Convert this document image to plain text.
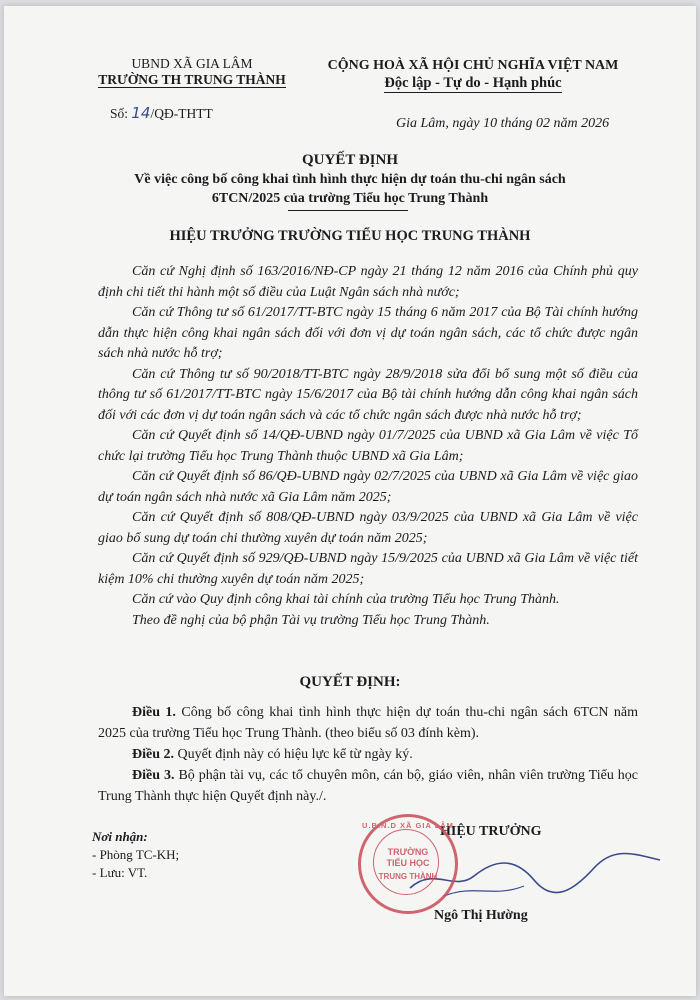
UBND XÃ GIA LÂM
TRƯỜNG TH TRUNG THÀNH
Số: 14/QĐ-THTT
CỘNG HOÀ XÃ HỘI CHỦ NGHĨA VIỆT NAM
Độc lập - Tự do - Hạnh phúc
Gia Lâm, ngày 10 tháng 02 năm 2026
QUYẾT ĐỊNH
Về việc công bố công khai tình hình thực hiện dự toán thu-chi ngân sách
6TCN/2025 của trường Tiểu học Trung Thành
HIỆU TRƯỞNG TRƯỜNG TIỂU HỌC TRUNG THÀNH
Căn cứ Nghị định số 163/2016/NĐ-CP ngày 21 tháng 12 năm 2016 của Chính phủ quy định chi tiết thi hành một số điều của Luật Ngân sách nhà nước;
Căn cứ Thông tư số 61/2017/TT-BTC ngày 15 tháng 6 năm 2017 của Bộ Tài chính hướng dẫn thực hiện công khai ngân sách đối với đơn vị dự toán ngân sách, các tổ chức được ngân sách nhà nước hỗ trợ;
Căn cứ Thông tư số 90/2018/TT-BTC ngày 28/9/2018 sửa đổi bổ sung một số điều của thông tư số 61/2017/TT-BTC ngày 15/6/2017 của Bộ tài chính hướng dẫn công khai ngân sách đối với các đơn vị dự toán ngân sách và các tổ chức ngân sách được nhà nước hỗ trợ;
Căn cứ Quyết định số 14/QĐ-UBND ngày 01/7/2025 của UBND xã Gia Lâm về việc Tổ chức lại trường Tiểu học Trung Thành thuộc UBND xã Gia Lâm;
Căn cứ Quyết định số 86/QĐ-UBND ngày 02/7/2025 của UBND xã Gia Lâm về việc giao dự toán ngân sách nhà nước xã Gia Lâm năm 2025;
Căn cứ Quyết định số 808/QĐ-UBND ngày 03/9/2025 của UBND xã Gia Lâm về việc giao bổ sung dự toán chi thường xuyên dự toán năm 2025;
Căn cứ Quyết định số 929/QĐ-UBND ngày 15/9/2025 của UBND xã Gia Lâm về việc tiết kiệm 10% chi thường xuyên dự toán năm 2025;
Căn cứ vào Quy định công khai tài chính của trường Tiểu học Trung Thành.
Theo đề nghị của bộ phận Tài vụ trường Tiểu học Trung Thành.
QUYẾT ĐỊNH:
Điều 1. Công bố công khai tình hình thực hiện dự toán thu-chi ngân sách 6TCN năm 2025 của trường Tiểu học Trung Thành. (theo biểu số 03 đính kèm).
Điều 2. Quyết định này có hiệu lực kể từ ngày ký.
Điều 3. Bộ phận tài vụ, các tổ chuyên môn, cán bộ, giáo viên, nhân viên trường Tiểu học Trung Thành thực hiện Quyết định này./.
Nơi nhận:
- Phòng TC-KH;
- Lưu: VT.
HIỆU TRƯỞNG
U.B.N.D XÃ GIA LÂM
TRƯỜNG
TIỂU HỌC
TRUNG THÀNH
Ngô Thị Hường
